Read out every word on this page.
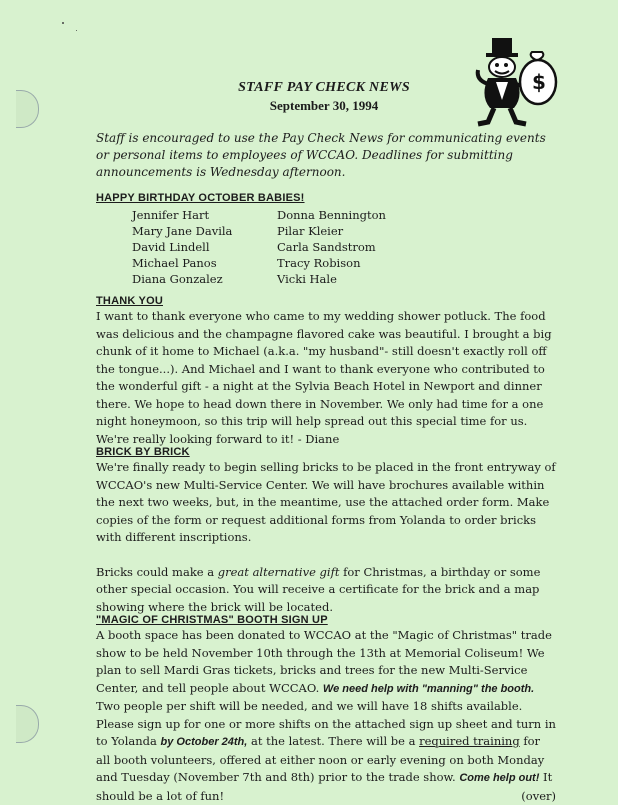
STAFF PAY CHECK NEWS
September 30, 1994
$
Staff is encouraged to use the Pay Check News for communicating events or personal items to employees of WCCAO. Deadlines for submitting announcements is Wednesday afternoon.
HAPPY BIRTHDAY OCTOBER BABIES!
Jennifer Hart	Donna Bennington
Mary Jane Davila	Pilar Kleier
David Lindell	Carla Sandstrom
Michael Panos	Tracy Robison
Diana Gonzalez	Vicki Hale
THANK YOU
I want to thank everyone who came to my wedding shower potluck. The food was delicious and the champagne flavored cake was beautiful. I brought a big chunk of it home to Michael (a.k.a. "my husband"- still doesn't exactly roll off the tongue...). And Michael and I want to thank everyone who contributed to the wonderful gift - a night at the Sylvia Beach Hotel in Newport and dinner there. We hope to head down there in November. We only had time for a one night honeymoon, so this trip will help spread out this special time for us. We're really looking forward to it! - Diane
BRICK BY BRICK

We're finally ready to begin selling bricks to be placed in the front entryway of WCCAO's new Multi-Service Center. We will have brochures available within the next two weeks, but, in the meantime, use the attached order form. Make copies of the form or request additional forms from Yolanda to order bricks with different inscriptions.

Bricks could make a great alternative gift for Christmas, a birthday or some other special occasion. You will receive a certificate for the brick and a map showing where the brick will be located.

"MAGIC OF CHRISTMAS" BOOTH SIGN UP

A booth space has been donated to WCCAO at the "Magic of Christmas" trade show to be held November 10th through the 13th at Memorial Coliseum! We plan to sell Mardi Gras tickets, bricks and trees for the new Multi-Service Center, and tell people about WCCAO. We need help with "manning" the booth. Two people per shift will be needed, and we will have 18 shifts available. Please sign up for one or more shifts on the attached sign up sheet and turn in to Yolanda by October 24th, at the latest. There will be a required training for all booth volunteers, offered at either noon or early evening on both Monday and Tuesday (November 7th and 8th) prior to the trade show. Come help out! It should be a lot of fun!	(over)
